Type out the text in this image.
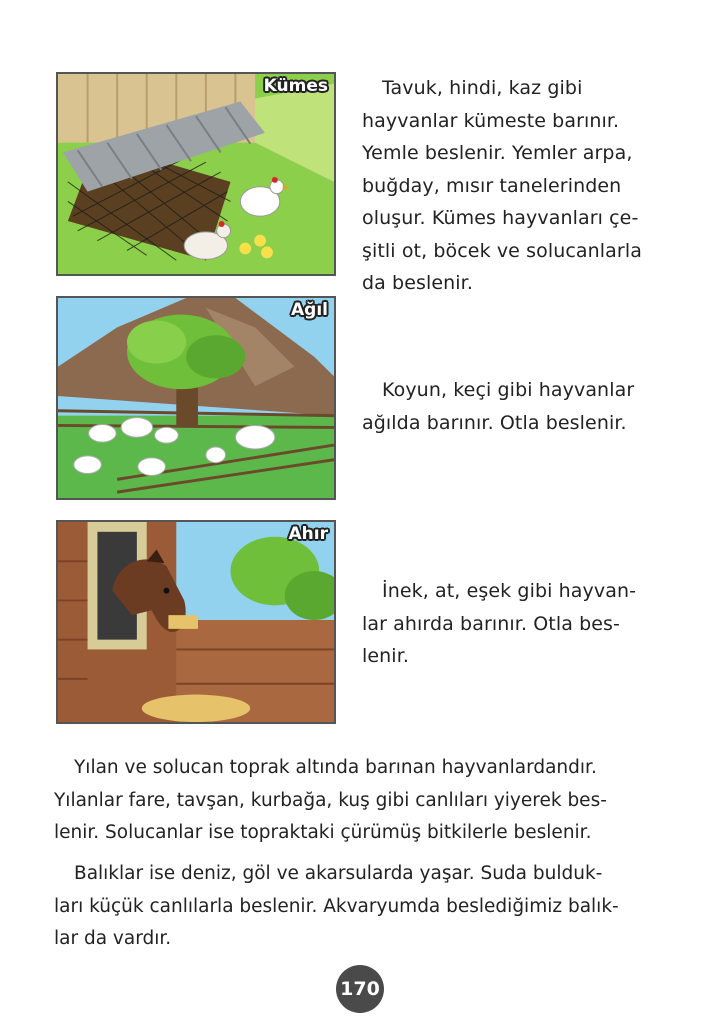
Kümes
Ağıl
Ahır

Tavuk, hindi, kaz gibi

hayvanlar kümeste barınır.

Yemle beslenir. Yemler arpa,

buğday, mısır tanelerinden

oluşur. Kümes hayvanları çe-

şitli ot, böcek ve solucanlarla

da beslenir.

Koyun, keçi gibi hayvanlar

ağılda barınır. Otla beslenir.

İnek, at, eşek gibi hayvan-

lar ahırda barınır. Otla bes-

lenir.

Yılan ve solucan toprak altında barınan hayvanlardandır.

Yılanlar fare, tavşan, kurbağa, kuş gibi canlıları yiyerek bes-

lenir. Solucanlar ise topraktaki çürümüş bitkilerle beslenir.

Balıklar ise deniz, göl ve akarsularda yaşar. Suda bulduk-

ları küçük canlılarla beslenir. Akvaryumda beslediğimiz balık-

lar da vardır.

170
